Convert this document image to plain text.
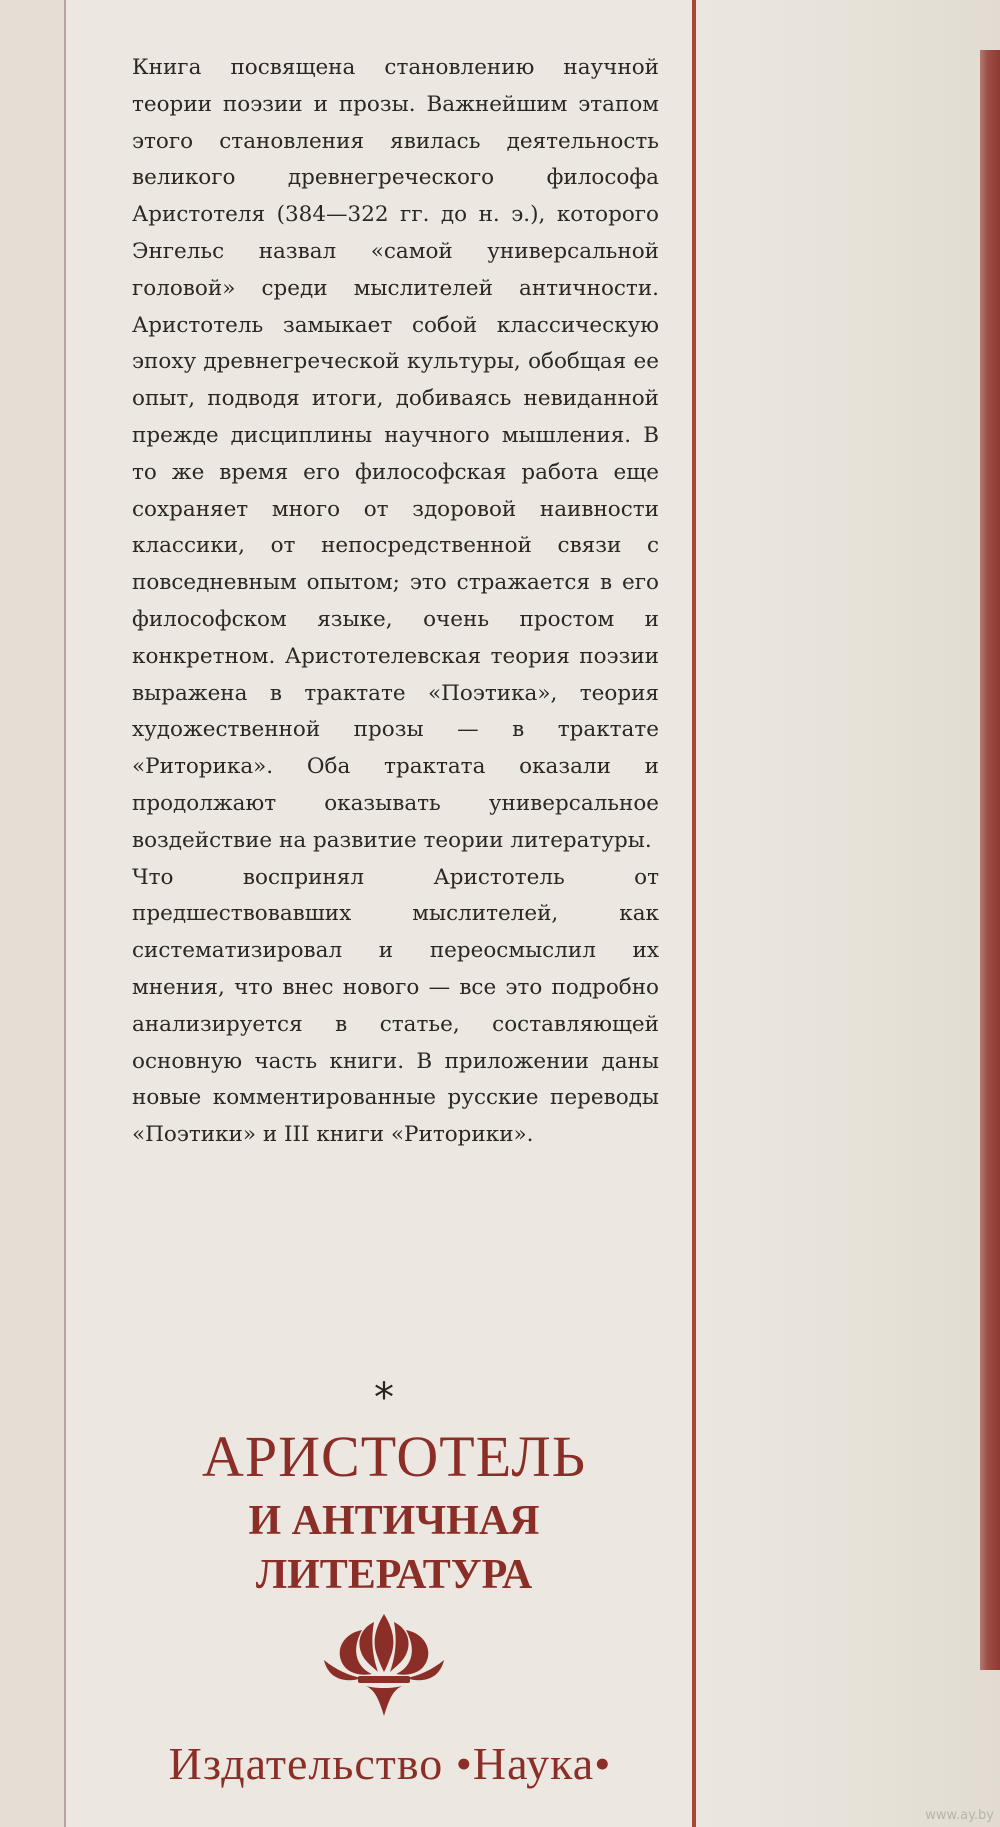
Книга посвящена становлению научной теории поэзии и прозы. Важнейшим этапом этого становления явилась деятельность великого древнегреческого философа Аристотеля (384—322 гг. до н. э.), которого Энгельс назвал «самой универсальной головой» среди мыслителей античности. Аристотель замыкает собой классическую эпоху древнегреческой культуры, обобщая ее опыт, подводя итоги, добиваясь невиданной прежде дисциплины научного мышления. В то же время его философская работа еще сохраняет много от здоровой наивности классики, от непосредственной связи с повседневным опытом; это стражается в его философском языке, очень простом и конкретном. Аристотелевская теория поэзии выражена в трактате «Поэтика», теория художественной прозы — в трактате «Риторика». Оба трактата оказали и продолжают оказывать универсальное воздействие на развитие теории литературы.

Что воспринял Аристотель от предшествовавших мыслителей, как систематизировал и переосмыслил их мнения, что внес нового — все это подробно анализируется в статье, составляющей основную часть книги. В приложении даны новые комментированные русские переводы «Поэтики» и III книги «Риторики».

*
АРИСТОТЕЛЬ
И АНТИЧНАЯ
ЛИТЕРАТУРА
Издательство •Наука•
www.ay.by
